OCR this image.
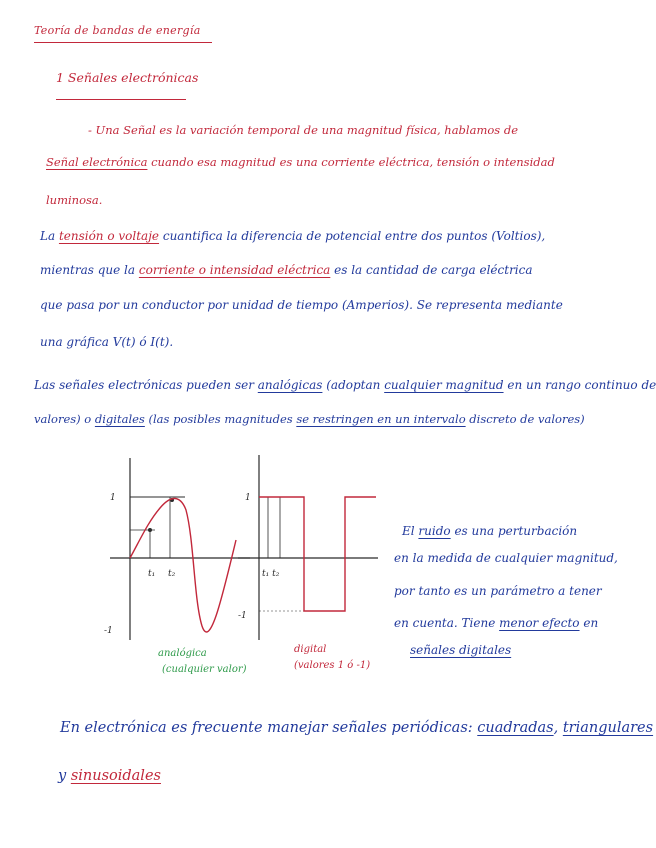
Teoría de bandas de energía
1 Señales electrónicas
- Una Señal es la variación temporal de una magnitud física, hablamos de
Señal electrónica cuando esa magnitud es una corriente eléctrica, tensión o intensidad
luminosa.
La tensión o voltaje cuantifica la diferencia de potencial entre dos puntos (Voltios),
mientras que la corriente o intensidad eléctrica es la cantidad de carga eléctrica
que pasa por un conductor por unidad de tiempo (Amperios). Se representa mediante
una gráfica V(t) ó I(t).
Las señales electrónicas pueden ser analógicas (adoptan cualquier magnitud en un rango continuo de
valores) o digitales (las posibles magnitudes se restringen en un intervalo discreto de valores)
1
-1
t₁ t₂
analógica
(cualquier valor)
1
-1
t₁ t₂
digital
(valores 1 ó -1)
El ruido es una perturbación
en la medida de cualquier magnitud,
por tanto es un parámetro a tener
en cuenta. Tiene menor efecto en
señales digitales
En electrónica es frecuente manejar señales periódicas: cuadradas, triangulares
y sinusoidales
